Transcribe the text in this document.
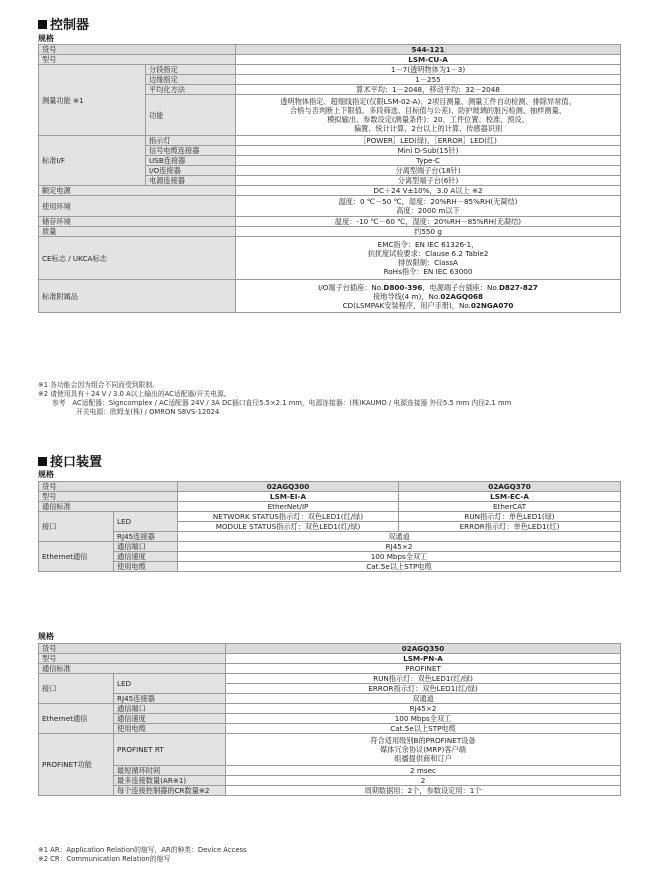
控制器
规格
货号		544-121
型号		LSM-CU-A
测量功能 ※1	分段指定	1－7(透明物体为1－3)
	边缘指定	1－255
	平均化方法	算术平均：1－2048，移动平均：32－2048
	功能	透明物体指定、超细线指定(仅限LSM-02-A)、2项目测量、测量工件自动检测、排除异常值、
合格与否判断上下限值、多段筛选、目标值与公差)、防护玻璃的脏污检测、抽样测量、
模拟输出、参数设定(测量条件)：20、工件位置、校准、预设、
偏置、统计计算、2台以上的计算、传感器识别

标准I/F	指示灯	［POWER］LED(绿)、［ERROR］LED(红)
	信号电缆连接器	Mini D-Sub(15针)
	USB连接器	Type-C
	I/O连接器	分离型端子台(18针)
	电源连接器	分离型端子台(6针)
额定电源		DC＋24 V±10%，3.0 A以上 ※2
使用环境		温度：0 ℃－50 ℃，湿度：20%RH－85%RH(无凝结)
高度：2000 m以下

储存环境		温度：-10 ℃－60 ℃，湿度：20%RH－85%RH(无凝结)
质量		约550 g
CE标志 / UKCA标志		EMC指令：EN IEC 61326-1，
抗扰度试验要求：Clause 6.2 Table2
排放限制：ClassA
RoHs指令：EN IEC 63000

标准附属品		I/O端子台插座：No.D800-396，电源端子台插座：No.D827-827
接地导线(4 m)，No.02AGQ068
CD(LSMPAK安装程序，用户手册)，No.02NGA070
※1 各功能会因为组合不同而受到限制。
※2 请使用具有＋24 V / 3.0 A以上输出的AC适配器/开关电源。
参考　AC适配器：Signcomplex / AC适配器 24V / 3A DC插口直径5.5×2.1 mm，电源连接器：(株)KAUMO / 电源连接器 外径5.5 mm 内径2.1 mm
开关电源：欧姆龙(株) / OMRON S8VS-12024
接口装置
规格
货号		02AGQ300	02AGQ370
型号		LSM-EI-A	LSM-EC-A
通信标准		EtherNet/IP	EtherCAT
接口	LED	NETWORK STATUS指示灯：双色LED1(红/绿)	RUN指示灯：单色LED1(绿)
		MODULE STATUS指示灯：双色LED1(红/绿)	ERROR指示灯：单色LED1(红)
	RJ45连接器	双通道	
Ethernet通信	通信端口	RJ45×2	
	通信速度	100 Mbps全双工	
	使用电缆	Cat.5e以上STP电缆	
规格
货号		02AGQ350
型号		LSM-PN-A
通信标准		PROFINET
接口	LED	RUN指示灯：双色LED1(红/绿)
		ERROR指示灯：双色LED1(红/绿)
	RJ45连接器	双通道
Ethernet通信	通信端口	RJ45×2
	通信速度	100 Mbps全双工
	使用电缆	Cat.5e以上STP电缆
PROFINET功能	PROFINET RT	符合适用级别B的PROFINET设备
媒体冗余协议(MRP)客户端
组播提供商和订户

	最短循环时间	2 msec
	最多连接数量(AR※1)	2
	每个连接控制器的CR数量※2	周期数据用：2个，参数设定用：1个
※1 AR：Application Relation的缩写，AR的种类：Device Access
※2 CR：Communication Relation的缩写
